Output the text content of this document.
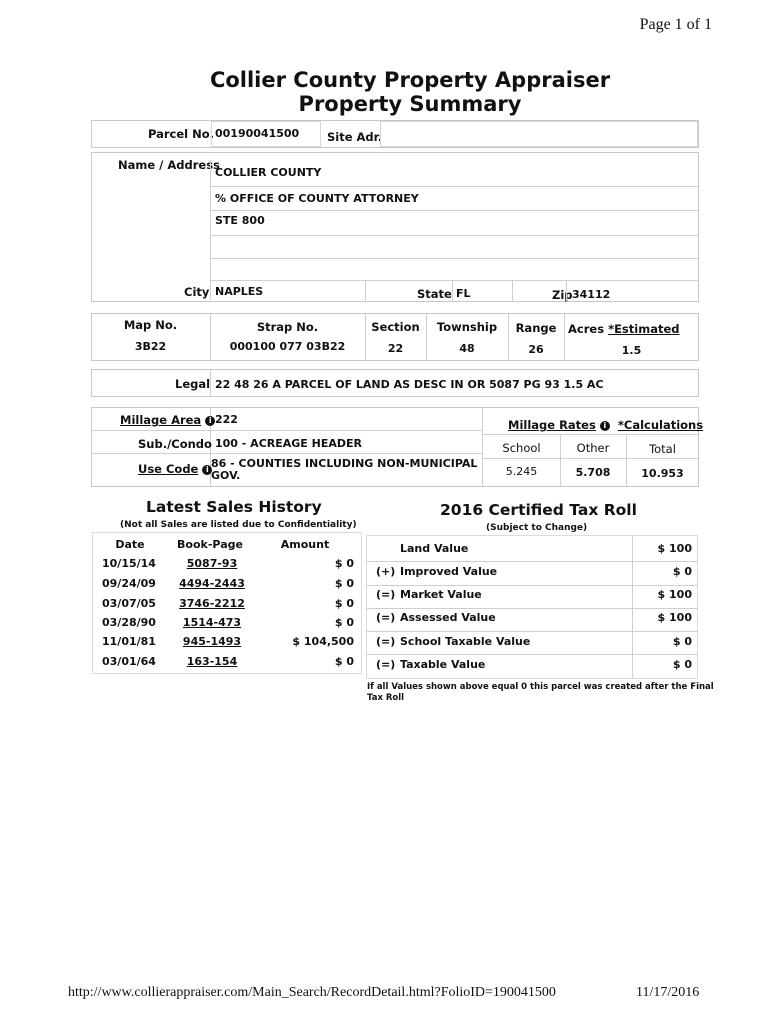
Page 1 of 1
Collier County Property Appraiser
Property Summary
Parcel No. 00190041500 Site Adr.
Name / Address
COLLIER COUNTY
% OFFICE OF COUNTY ATTORNEY
STE 800
City NAPLES	State FL	Zip 34112
Map No.	Strap No.	Section	Township	Range	Acres *Estimated
3B22	000100 077 03B22	22	48	26	1.5
Legal 22 48 26 A PARCEL OF LAND AS DESC IN OR 5087 PG 93 1.5 AC
Millage Area i 222
Sub./Condo 100 - ACREAGE HEADER
Use Code i 86 - COUNTIES INCLUDING NON-MUNICIPAL
GOV.
Millage Rates i *Calculations
School	Other	Total
5.245	5.708	10.953
Latest Sales History
(Not all Sales are listed due to Confidentiality)
Date	Book-Page	Amount
10/15/14	5087-93	$ 0
09/24/09 4494-2443	$ 0
03/07/05 3746-2212	$ 0
03/28/90	1514-473	$ 0
11/01/81	945-1493	$ 104,500
03/01/64	163-154	$ 0
2016 Certified Tax Roll
(Subject to Change)
Land Value	$ 100
(+) Improved Value	$ 0
(=) Market Value	$ 100
(=) Assessed Value	$ 100
(=) School Taxable Value	$ 0
(=) Taxable Value	$ 0
If all Values shown above equal 0 this parcel was created after the Final
Tax Roll
http://www.collierappraiser.com/Main_Search/RecordDetail.html?FolioID=190041500	11/17/2016
